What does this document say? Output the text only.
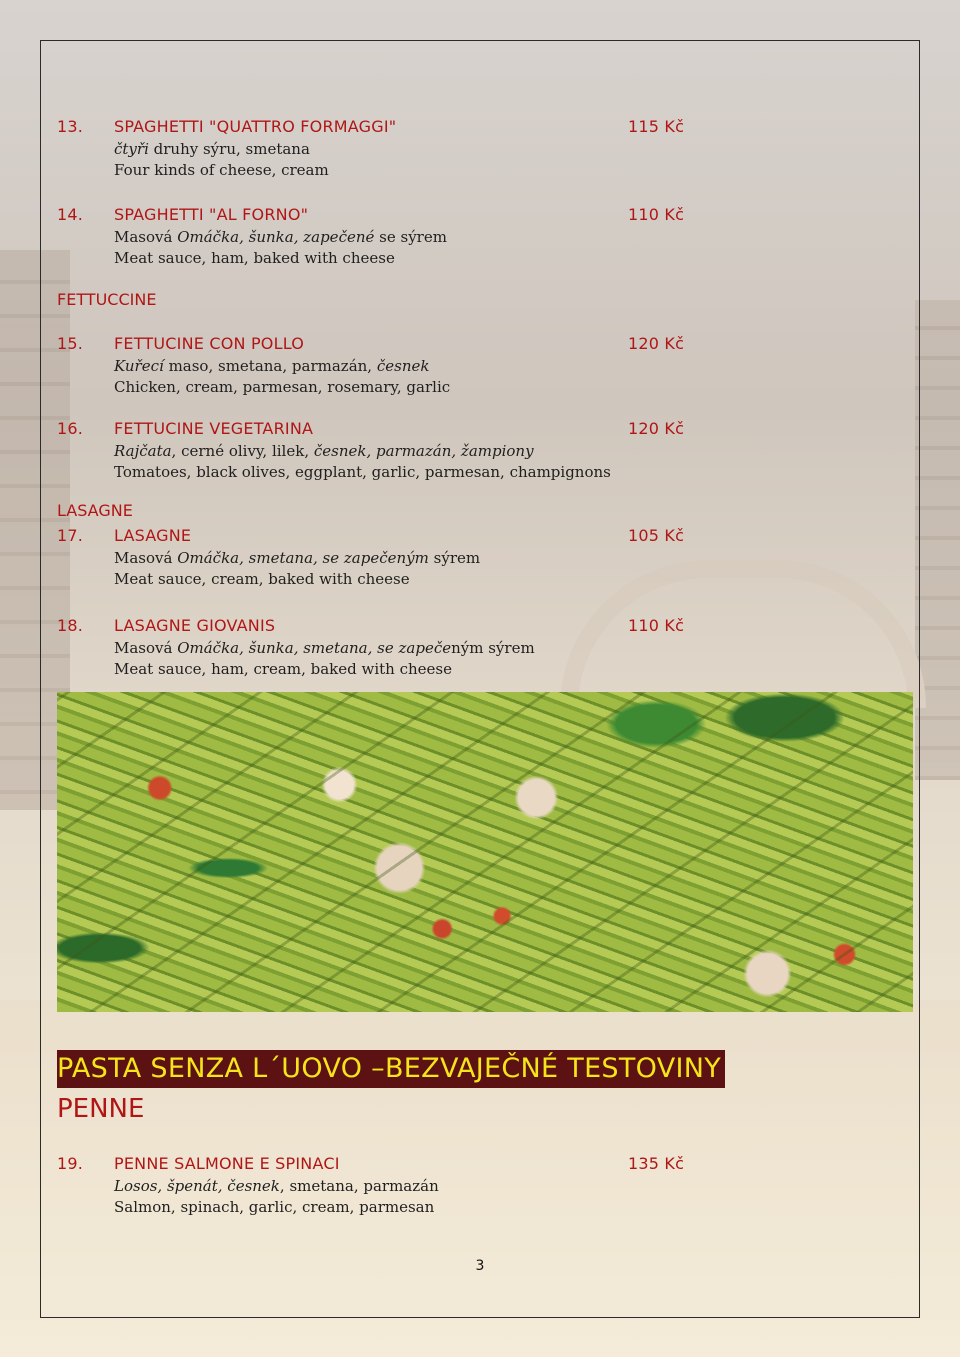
13. SPAGHETTI "QUATTRO FORMAGGI"	115 Kč
čtyři druhy sýru, smetana
Four kinds of cheese, cream
14. SPAGHETTI "AL FORNO"	110 Kč
Masová Omáčka, šunka, zapečené se sýrem
Meat sauce, ham, baked with cheese
FETTUCCINE
15. FETTUCINE CON POLLO	120 Kč
Kuřecí maso, smetana, parmazán, česnek
Chicken, cream, parmesan, rosemary, garlic
16. FETTUCINE VEGETARINA	120 Kč
Rajčata, cerné olivy, lilek, česnek, parmazán, žampiony
Tomatoes, black olives, eggplant, garlic, parmesan, champignons
LASAGNE
17. LASAGNE	105 Kč
Masová Omáčka, smetana, se zapečeným sýrem
Meat sauce, cream, baked with cheese
18. LASAGNE GIOVANIS	110 Kč
Masová Omáčka, šunka, smetana, se zapečeným sýrem
Meat sauce, ham, cream, baked with cheese
PASTA SENZA L´UOVO –BEZVAJEČNÉ TESTOVINY
PENNE
19. PENNE SALMONE E SPINACI	135 Kč
Losos, špenát, česnek, smetana, parmazán
Salmon, spinach, garlic, cream, parmesan
3
